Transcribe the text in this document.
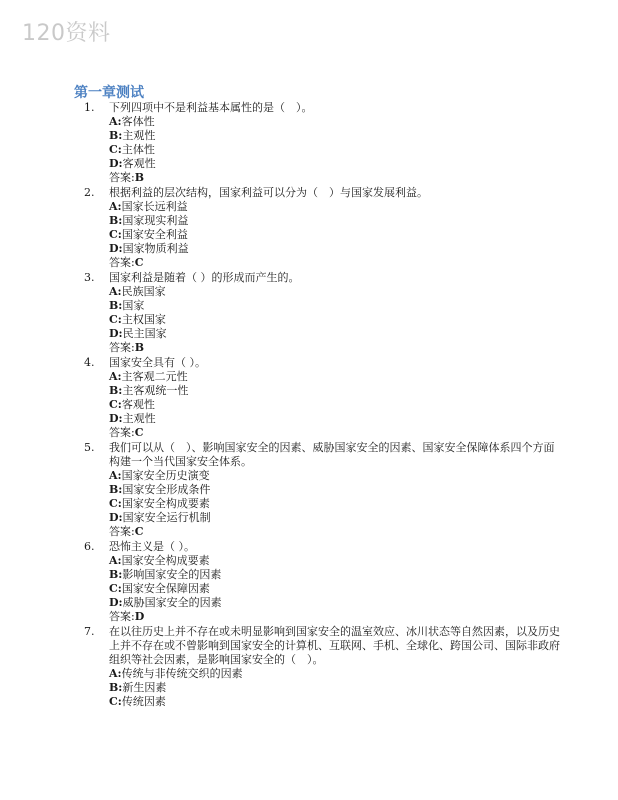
120资料
第一章测试
1.	下列四项中不是利益基本属性的是（　）。
A:客体性
B:主观性
C:主体性
D:客观性
答案:B
2.	根据利益的层次结构，国家利益可以分为（　）与国家发展利益。
A:国家长远利益
B:国家现实利益
C:国家安全利益
D:国家物质利益
答案:C
3.	国家利益是随着（ ）的形成而产生的。
A:民族国家
B:国家
C:主权国家
D:民主国家
答案:B
4.	国家安全具有（ ）。
A:主客观二元性
B:主客观统一性
C:客观性
D:主观性
答案:C
5.	我们可以从（　）、影响国家安全的因素、威胁国家安全的因素、国家安全保障体系四个方面构建一个当代国家安全体系。
A:国家安全历史演变
B:国家安全形成条件
C:国家安全构成要素
D:国家安全运行机制
答案:C
6.	恐怖主义是（ ）。
A:国家安全构成要素
B:影响国家安全的因素
C:国家安全保障因素
D:威胁国家安全的因素
答案:D
7.	在以往历史上并不存在或未明显影响到国家安全的温室效应、冰川状态等自然因素，以及历史上并不存在或不曾影响到国家安全的计算机、互联网、手机、全球化、跨国公司、国际非政府组织等社会因素，是影响国家安全的（　）。
A:传统与非传统交织的因素
B:新生因素
C:传统因素
